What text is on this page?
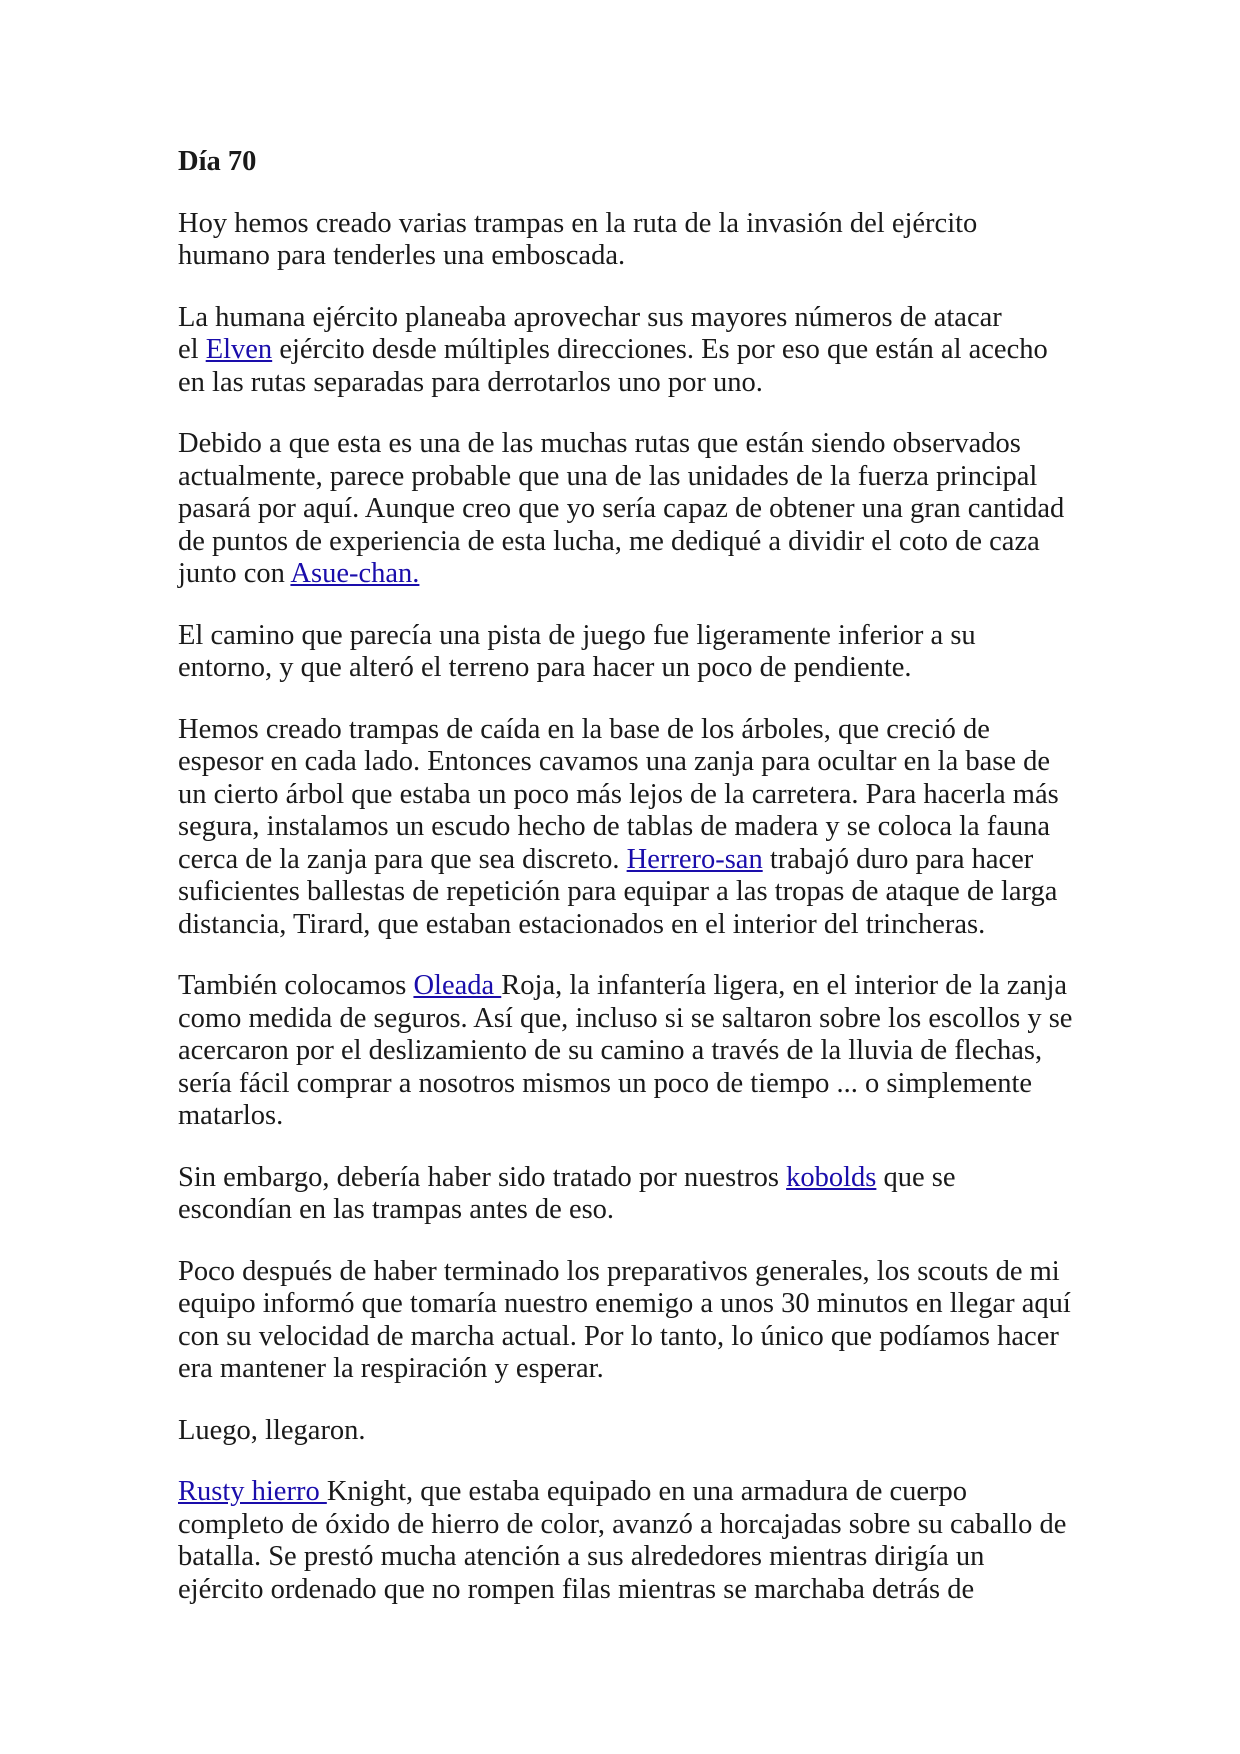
Día 70

Hoy hemos creado varias trampas en la ruta de la invasión del ejército
humano para tenderles una emboscada.

La humana ejército planeaba aprovechar sus mayores números de atacar
el Elven ejército desde múltiples direcciones. Es por eso que están al acecho
en las rutas separadas para derrotarlos uno por uno.

Debido a que esta es una de las muchas rutas que están siendo observados
actualmente, parece probable que una de las unidades de la fuerza principal
pasará por aquí. Aunque creo que yo sería capaz de obtener una gran cantidad
de puntos de experiencia de esta lucha, me dediqué a dividir el coto de caza
junto con Asue-chan.

El camino que parecía una pista de juego fue ligeramente inferior a su
entorno, y que alteró el terreno para hacer un poco de pendiente.

Hemos creado trampas de caída en la base de los árboles, que creció de
espesor en cada lado. Entonces cavamos una zanja para ocultar en la base de
un cierto árbol que estaba un poco más lejos de la carretera. Para hacerla más
segura, instalamos un escudo hecho de tablas de madera y se coloca la fauna
cerca de la zanja para que sea discreto. Herrero-san trabajó duro para hacer
suficientes ballestas de repetición para equipar a las tropas de ataque de larga
distancia, Tirard, que estaban estacionados en el interior del trincheras.

También colocamos Oleada Roja, la infantería ligera, en el interior de la zanja
como medida de seguros. Así que, incluso si se saltaron sobre los escollos y se
acercaron por el deslizamiento de su camino a través de la lluvia de flechas,
sería fácil comprar a nosotros mismos un poco de tiempo ... o simplemente
matarlos.

Sin embargo, debería haber sido tratado por nuestros kobolds que se
escondían en las trampas antes de eso.

Poco después de haber terminado los preparativos generales, los scouts de mi
equipo informó que tomaría nuestro enemigo a unos 30 minutos en llegar aquí
con su velocidad de marcha actual. Por lo tanto, lo único que podíamos hacer
era mantener la respiración y esperar.

Luego, llegaron.

Rusty hierro Knight, que estaba equipado en una armadura de cuerpo
completo de óxido de hierro de color, avanzó a horcajadas sobre su caballo de
batalla. Se prestó mucha atención a sus alrededores mientras dirigía un
ejército ordenado que no rompen filas mientras se marchaba detrás de
